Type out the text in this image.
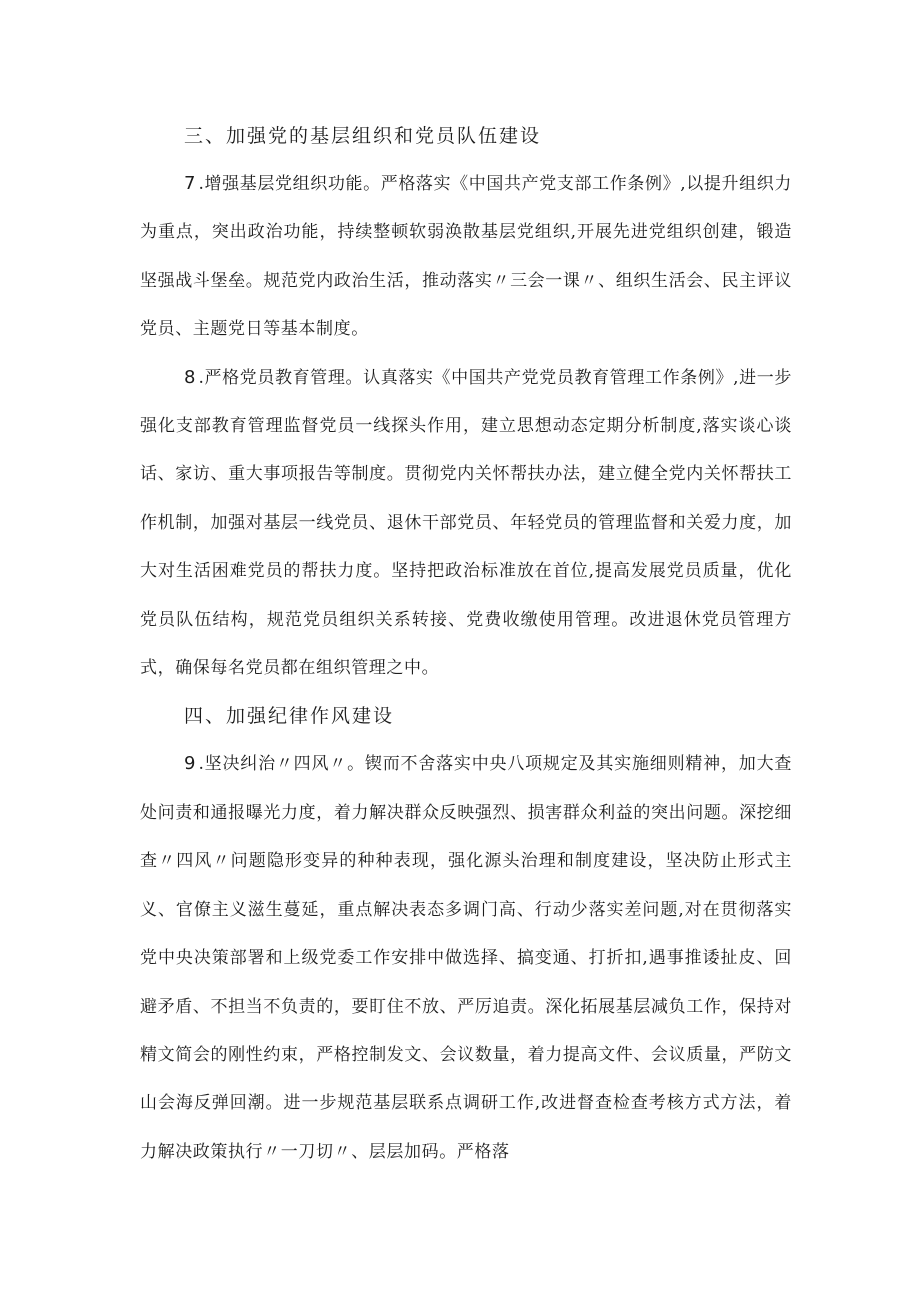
三、加强党的基层组织和党员队伍建设

7.增强基层党组织功能。严格落实《中国共产党支部工作条例》,以提升组织力为重点，突出政治功能，持续整顿软弱涣散基层党组织,开展先进党组织创建，锻造坚强战斗堡垒。规范党内政治生活，推动落实〃三会一课〃、组织生活会、民主评议党员、主题党日等基本制度。

8.严格党员教育管理。认真落实《中国共产党党员教育管理工作条例》,进一步强化支部教育管理监督党员一线探头作用，建立思想动态定期分析制度,落实谈心谈话、家访、重大事项报告等制度。贯彻党内关怀帮扶办法，建立健全党内关怀帮扶工作机制，加强对基层一线党员、退休干部党员、年轻党员的管理监督和关爱力度，加大对生活困难党员的帮扶力度。坚持把政治标准放在首位,提高发展党员质量，优化党员队伍结构，规范党员组织关系转接、党费收缴使用管理。改进退休党员管理方式，确保每名党员都在组织管理之中。

四、加强纪律作风建设

9.坚决纠治〃四风〃。锲而不舍落实中央八项规定及其实施细则精神，加大查处问责和通报曝光力度，着力解决群众反映强烈、损害群众利益的突出问题。深挖细查〃四风〃问题隐形变异的种种表现，强化源头治理和制度建设，坚决防止形式主义、官僚主义滋生蔓延，重点解决表态多调门高、行动少落实差问题,对在贯彻落实党中央决策部署和上级党委工作安排中做选择、搞变通、打折扣,遇事推诿扯皮、回避矛盾、不担当不负责的，要盯住不放、严厉追责。深化拓展基层减负工作，保持对精文简会的刚性约束，严格控制发文、会议数量，着力提高文件、会议质量，严防文山会海反弹回潮。进一步规范基层联系点调研工作,改进督查检查考核方式方法，着力解决政策执行〃一刀切〃、层层加码。严格落
